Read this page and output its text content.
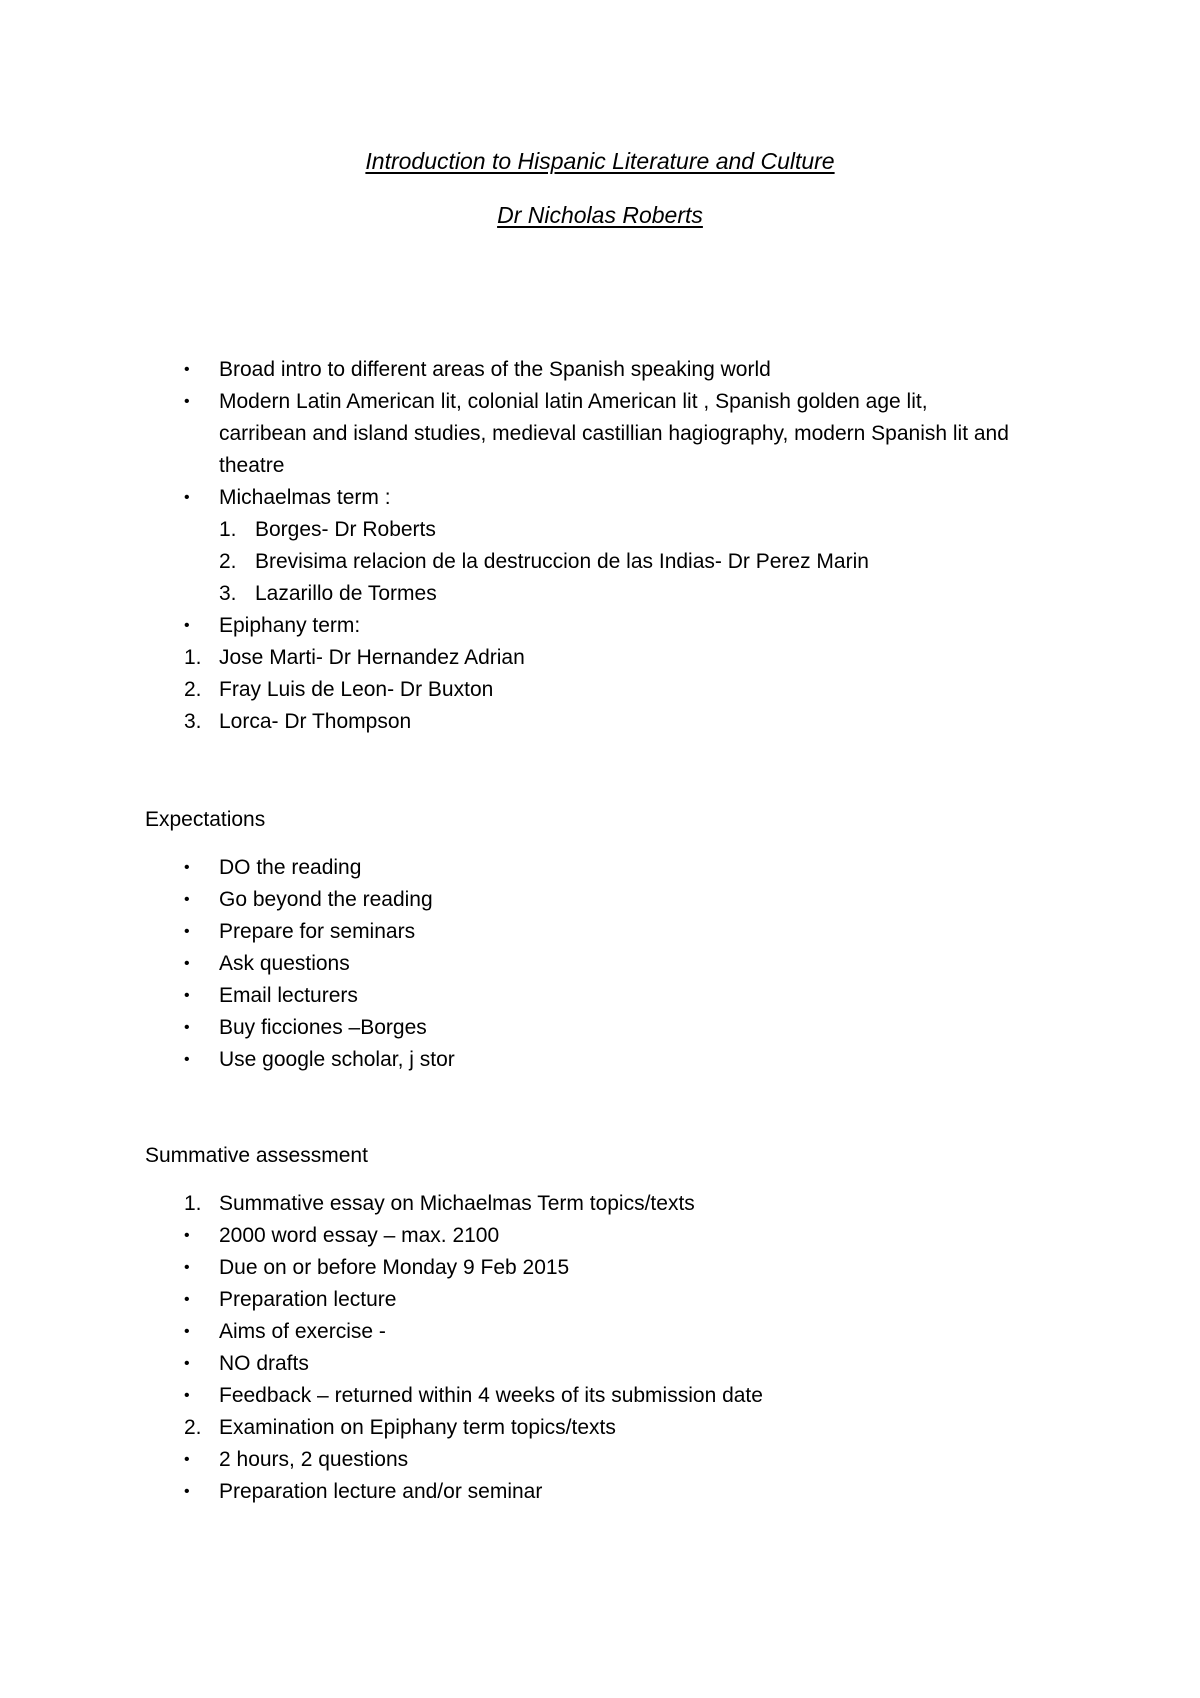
Introduction to Hispanic Literature and Culture
Dr Nicholas Roberts
• Broad intro to different areas of the Spanish speaking world
• Modern Latin American lit, colonial latin American lit , Spanish golden age lit,
carribean and island studies, medieval castillian hagiography, modern Spanish lit and
theatre
• Michaelmas term :
1. Borges- Dr Roberts
2. Brevisima relacion de la destruccion de las Indias- Dr Perez Marin
3. Lazarillo de Tormes
• Epiphany term:
1. Jose Marti- Dr Hernandez Adrian
2. Fray Luis de Leon- Dr Buxton
3. Lorca- Dr Thompson
Expectations
• DO the reading
• Go beyond the reading
• Prepare for seminars
• Ask questions
• Email lecturers
• Buy ficciones –Borges
• Use google scholar, j stor
Summative assessment
1. Summative essay on Michaelmas Term topics/texts
• 2000 word essay – max. 2100
• Due on or before Monday 9 Feb 2015
• Preparation lecture
• Aims of exercise -
• NO drafts
• Feedback – returned within 4 weeks of its submission date
2. Examination on Epiphany term topics/texts
• 2 hours, 2 questions
• Preparation lecture and/or seminar
